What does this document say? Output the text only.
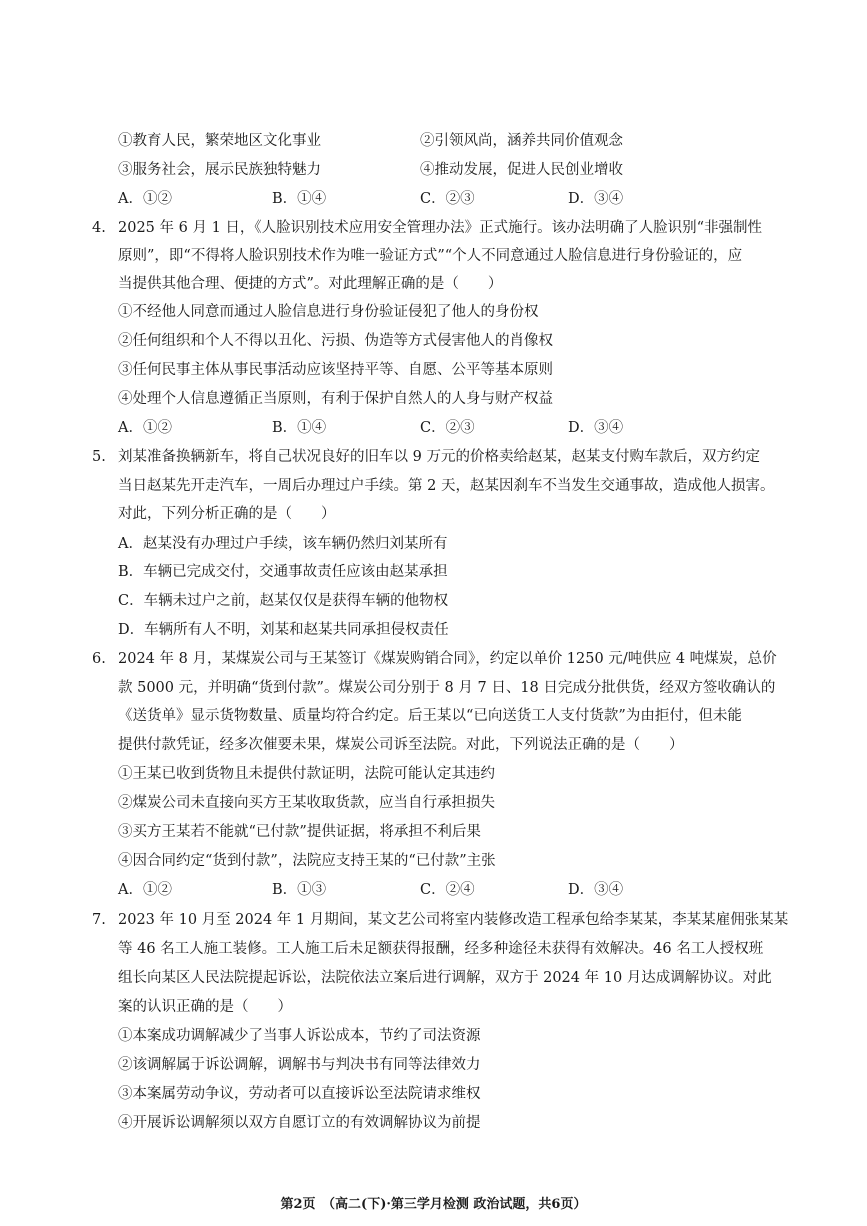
①教育人民，繁荣地区文化事业	②引领风尚，涵养共同价值观念
③服务社会，展示民族独特魅力	④推动发展，促进人民创业增收
A．①②	B．①④	C．②③	D．③④
4. 2025 年 6 月 1 日，《人脸识别技术应用安全管理办法》正式施行。该办法明确了人脸识别“非强制性
原则”，即“不得将人脸识别技术作为唯一验证方式”“个人不同意通过人脸信息进行身份验证的，应
当提供其他合理、便捷的方式”。对此理解正确的是（　　）
①不经他人同意而通过人脸信息进行身份验证侵犯了他人的身份权
②任何组织和个人不得以丑化、污损、伪造等方式侵害他人的肖像权
③任何民事主体从事民事活动应该坚持平等、自愿、公平等基本原则
④处理个人信息遵循正当原则，有利于保护自然人的人身与财产权益
A．①②	B．①④	C．②③	D．③④
5. 刘某准备换辆新车，将自己状况良好的旧车以 9 万元的价格卖给赵某，赵某支付购车款后，双方约定
当日赵某先开走汽车，一周后办理过户手续。第 2 天，赵某因刹车不当发生交通事故，造成他人损害。
对此，下列分析正确的是（　　）
A．赵某没有办理过户手续，该车辆仍然归刘某所有
B．车辆已完成交付，交通事故责任应该由赵某承担
C．车辆未过户之前，赵某仅仅是获得车辆的他物权
D．车辆所有人不明，刘某和赵某共同承担侵权责任
6. 2024 年 8 月，某煤炭公司与王某签订《煤炭购销合同》，约定以单价 1250 元/吨供应 4 吨煤炭，总价
款 5000 元，并明确“货到付款”。煤炭公司分别于 8 月 7 日、18 日完成分批供货，经双方签收确认的
《送货单》显示货物数量、质量均符合约定。后王某以“已向送货工人支付货款”为由拒付，但未能
提供付款凭证，经多次催要未果，煤炭公司诉至法院。对此，下列说法正确的是（　　）
①王某已收到货物且未提供付款证明，法院可能认定其违约
②煤炭公司未直接向买方王某收取货款，应当自行承担损失
③买方王某若不能就“已付款”提供证据，将承担不利后果
④因合同约定“货到付款”，法院应支持王某的“已付款”主张
A．①②	B．①③	C．②④	D．③④
7. 2023 年 10 月至 2024 年 1 月期间，某文艺公司将室内装修改造工程承包给李某某，李某某雇佣张某某
等 46 名工人施工装修。工人施工后未足额获得报酬，经多种途径未获得有效解决。46 名工人授权班
组长向某区人民法院提起诉讼，法院依法立案后进行调解，双方于 2024 年 10 月达成调解协议。对此
案的认识正确的是（　　）
①本案成功调解减少了当事人诉讼成本，节约了司法资源
②该调解属于诉讼调解，调解书与判决书有同等法律效力
③本案属劳动争议，劳动者可以直接诉讼至法院请求维权
④开展诉讼调解须以双方自愿订立的有效调解协议为前提
第2页　（高二(下)·第三学月检测 政治试题，共6页）
